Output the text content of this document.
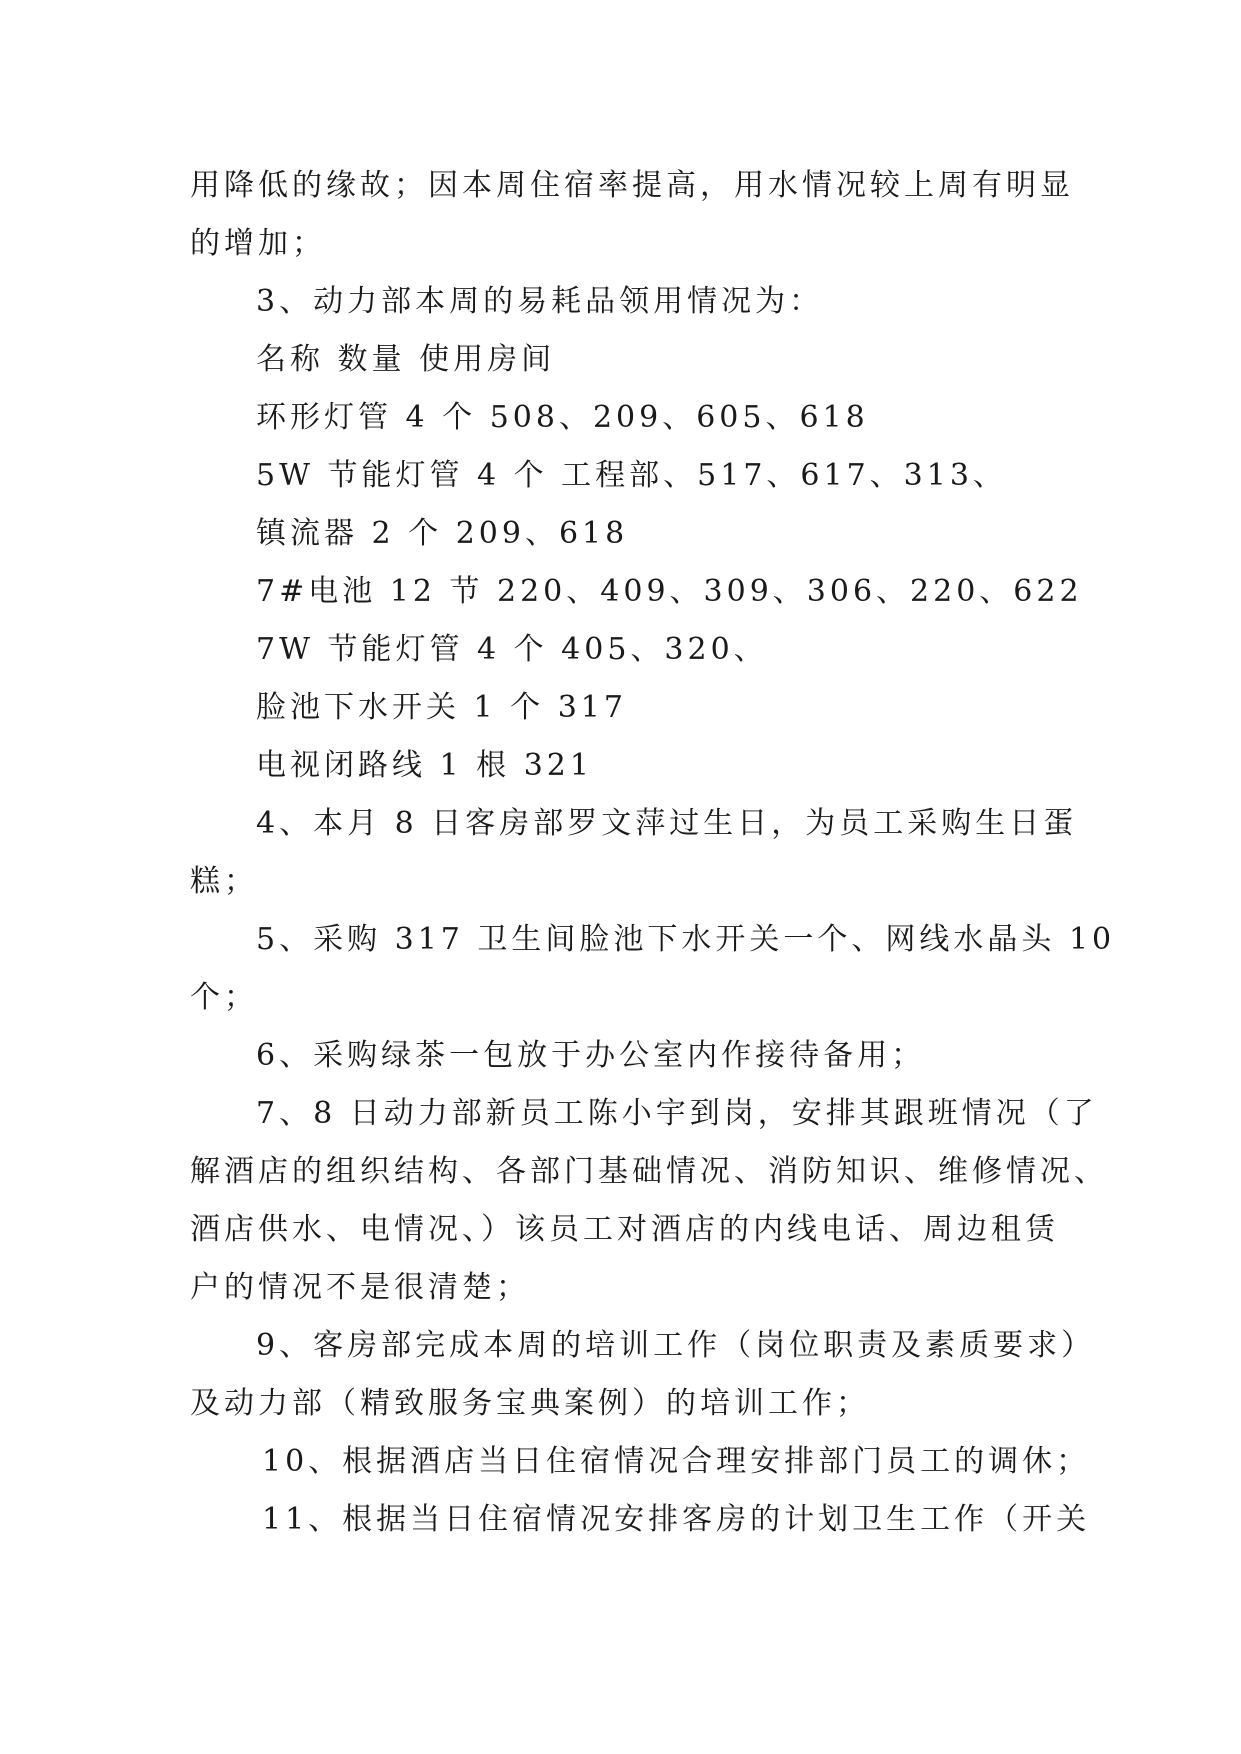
用降低的缘故；因本周住宿率提高，用水情况较上周有明显
的增加；
3、动力部本周的易耗品领用情况为：
名称 数量 使用房间
环形灯管 4 个 508、209、605、618
5W 节能灯管 4 个 工程部、517、617、313、
镇流器 2 个 209、618
7#电池 12 节 220、409、309、306、220、622
7W 节能灯管 4 个 405、320、
脸池下水开关 1 个 317
电视闭路线 1 根 321
4、本月 8 日客房部罗文萍过生日，为员工采购生日蛋
糕；
5、采购 317 卫生间脸池下水开关一个、网线水晶头 10
个；
6、采购绿茶一包放于办公室内作接待备用；
7、8 日动力部新员工陈小宇到岗，安排其跟班情况（了
解酒店的组织结构、各部门基础情况、消防知识、维修情况、
酒店供水、电情况、）该员工对酒店的内线电话、周边租赁
户的情况不是很清楚；
9、客房部完成本周的培训工作（岗位职责及素质要求）
及动力部（精致服务宝典案例）的培训工作；
10、根据酒店当日住宿情况合理安排部门员工的调休；
11、根据当日住宿情况安排客房的计划卫生工作（开关
